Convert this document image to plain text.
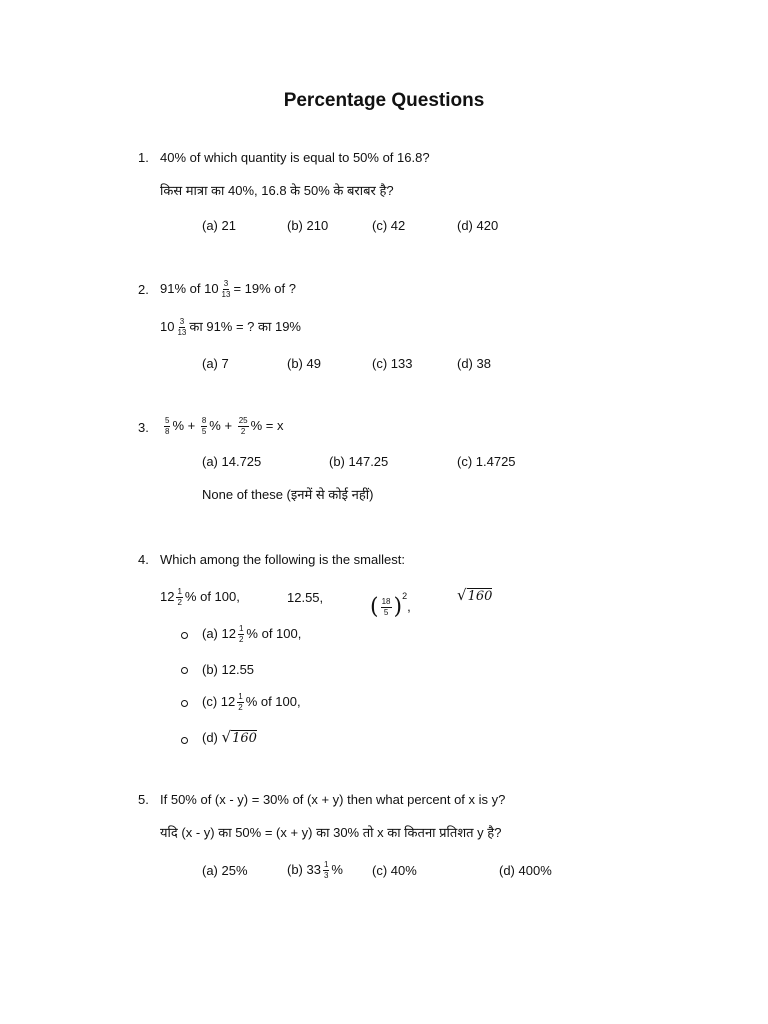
Percentage Questions
1. 40% of which quantity is equal to 50% of 16.8?
किस मात्रा का 40%, 16.8 के 50% के बराबर है?
(a) 21	(b) 210	(c) 42	(d) 420
2. 91% of $10 \frac{3}{13} = 19\%$ of ?
$10 \frac{3}{13}$ का 91% = ? का 19%
(a) 7	(b) 49	(c) 133	(d) 38
3. $\frac{5}{8}$ % + $\frac{8}{5}$ % + $\frac{25}{2}$ % = x
(a) 14.725	(b) 147.25	(c) 1.4725
None of these (इनमें से कोई नहीं)
4. Which among the following is the smallest:
$12 \frac{1}{2}$ % of 100,	12.55, ( $\frac{18}{5} )^2$,
√160
(a) $12 \frac{1}{2}$ % of 100,
(b) 12.55
(c) $12 \frac{1}{2}$ % of 100,
(d) √160
5. If 50% of (x - y) = 30% of (x + y) then what percent of x is y?
यदि (x - y) का 50% = (x + y) का 30% तो x का कितना प्रतिशत y है?
(a) 25%	(b) $33 \frac{1}{3}$ % (c) 40%	(d) 400%
